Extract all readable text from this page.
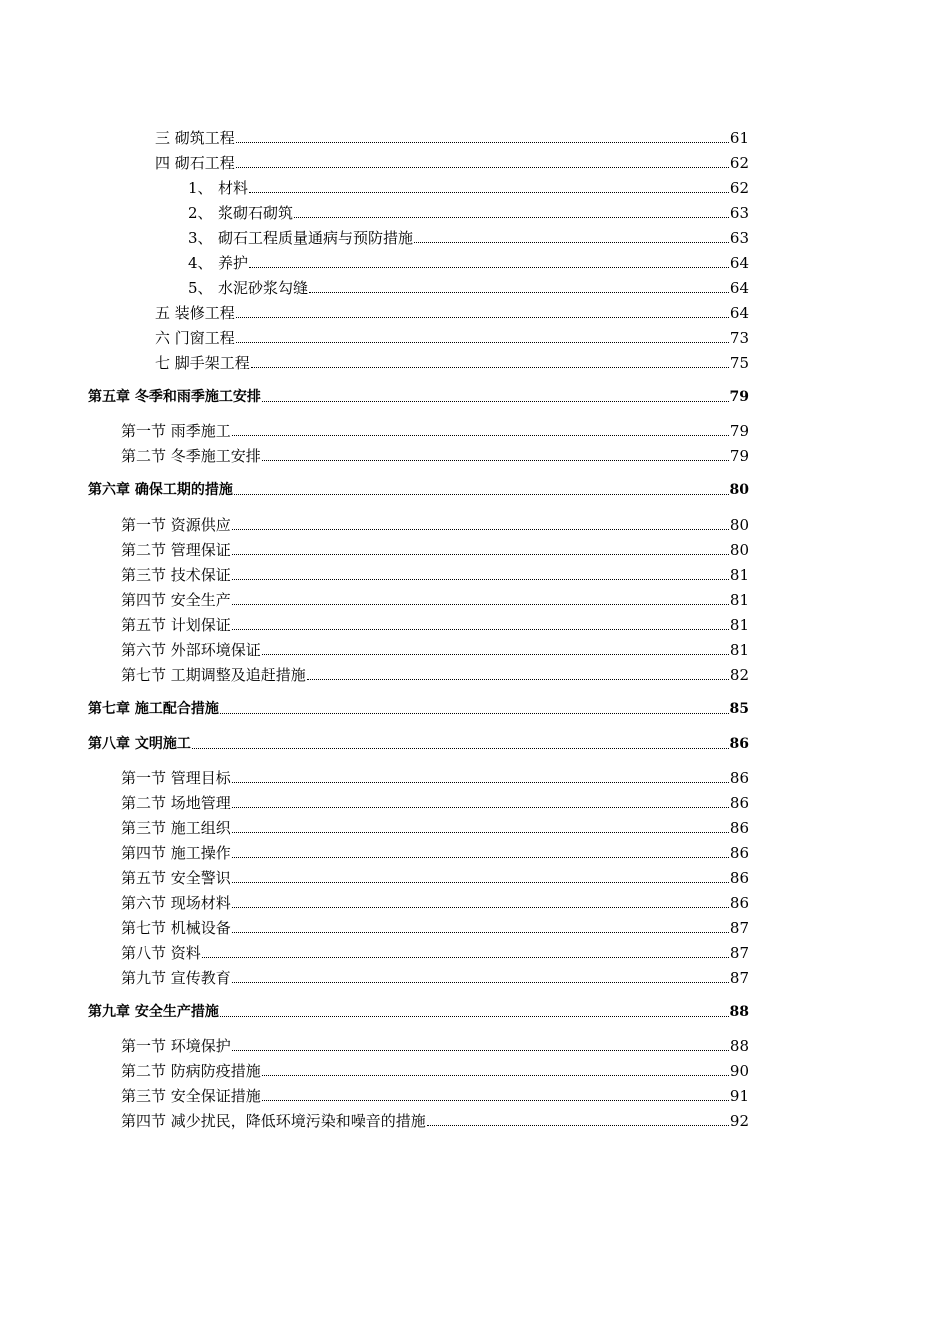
三 砌筑工程	61
四 砌石工程	62
1、 材料	62
2、 浆砌石砌筑	63
3、 砌石工程质量通病与预防措施	63
4、 养护	64
5、 水泥砂浆勾缝	64
五 装修工程	64
六 门窗工程	73
七 脚手架工程	75
第五章 冬季和雨季施工安排	79
第一节 雨季施工	79
第二节 冬季施工安排	79
第六章 确保工期的措施	80
第一节 资源供应	80
第二节 管理保证	80
第三节 技术保证	81
第四节 安全生产	81
第五节 计划保证	81
第六节 外部环境保证	81
第七节 工期调整及追赶措施	82
第七章 施工配合措施	85
第八章 文明施工	86
第一节 管理目标	86
第二节 场地管理	86
第三节 施工组织	86
第四节 施工操作	86
第五节 安全警识	86
第六节 现场材料	86
第七节 机械设备	87
第八节 资料	87
第九节 宣传教育	87
第九章 安全生产措施	88
第一节 环境保护	88
第二节 防病防疫措施	90
第三节 安全保证措施	91
第四节 减少扰民，降低环境污染和噪音的措施	92
